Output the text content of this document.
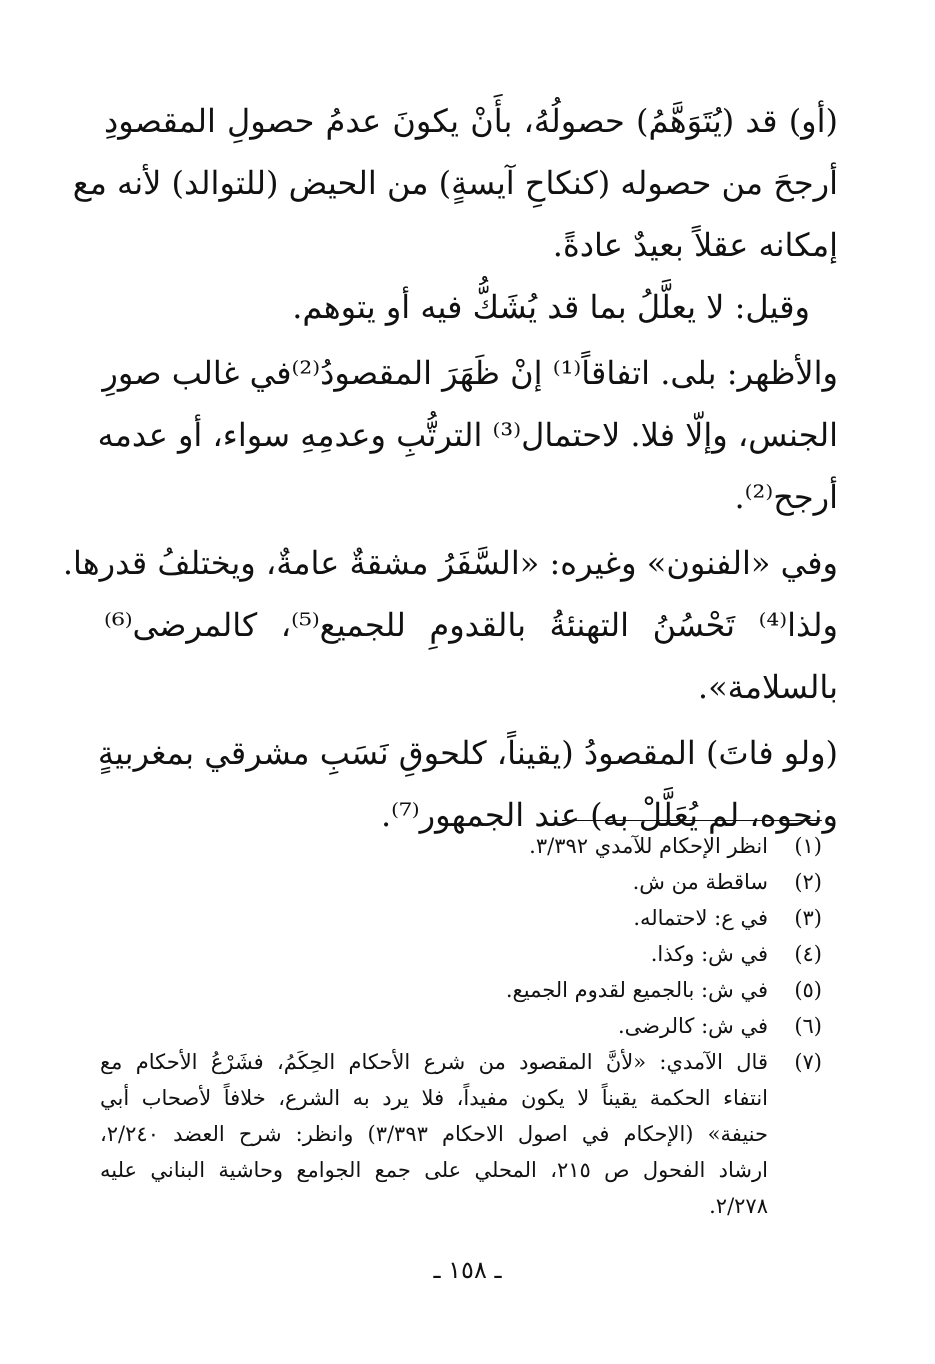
(أو) قد (يُتَوَهَّمُ) حصولُهُ، بأَنْ يكونَ عدمُ حصولِ المقصودِ
أرجحَ من حصوله (كنكاحِ آيسةٍ) من الحيض (للتوالد) لأنه مع
إمكانه عقلاً بعيدٌ عادةً.
وقيل: لا يعلَّلُ بما قد يُشَكُّ فيه أو يتوهم.
والأظهر: بلى. اتفاقاً⁽¹⁾ إنْ ظَهَرَ المقصودُ⁽²⁾في غالب صورِ
الجنس، وإلّا فلا. لاحتمال⁽³⁾ الترتُّبِ وعدمِهِ سواء، أو عدمه
أرجح⁽²⁾.
وفي «الفنون» وغيره: «السَّفَرُ مشقةٌ عامةٌ، ويختلفُ قدرها.
ولذا⁽⁴⁾ تَحْسُنُ التهنئةُ بالقدومِ للجميع⁽⁵⁾، كالمرضى⁽⁶⁾
بالسلامة».
(ولو فاتَ) المقصودُ (يقيناً، كلحوقِ نَسَبِ مشرقي بمغربيةٍ
ونحوه، لم يُعَلَّلْ به) عند الجمهور⁽⁷⁾.
(١)
انظر الإحكام للآمدي ٣/٣٩٢.
(٢)
ساقطة من ش.
(٣)
في ع: لاحتماله.
(٤)
في ش: وكذا.
(٥)
في ش: بالجميع لقدوم الجميع.
(٦)
في ش: كالرضى.
(٧)
قال الآمدي: «لأنَّ المقصود من شرع الأحكام الحِكَمُ، فشَرْعُ الأحكام مع
انتفاء الحكمة يقيناً لا يكون مفيداً، فلا يرد به الشرع، خلافاً لأصحاب أبي
حنيفة» (الإحكام في اصول الاحكام ٣/٣٩٣) وانظر: شرح العضد ٢/٢٤٠،
ارشاد الفحول ص ٢١٥، المحلي على جمع الجوامع وحاشية البناني عليه
٢/٢٧٨.
ـ ١٥٨ ـ
